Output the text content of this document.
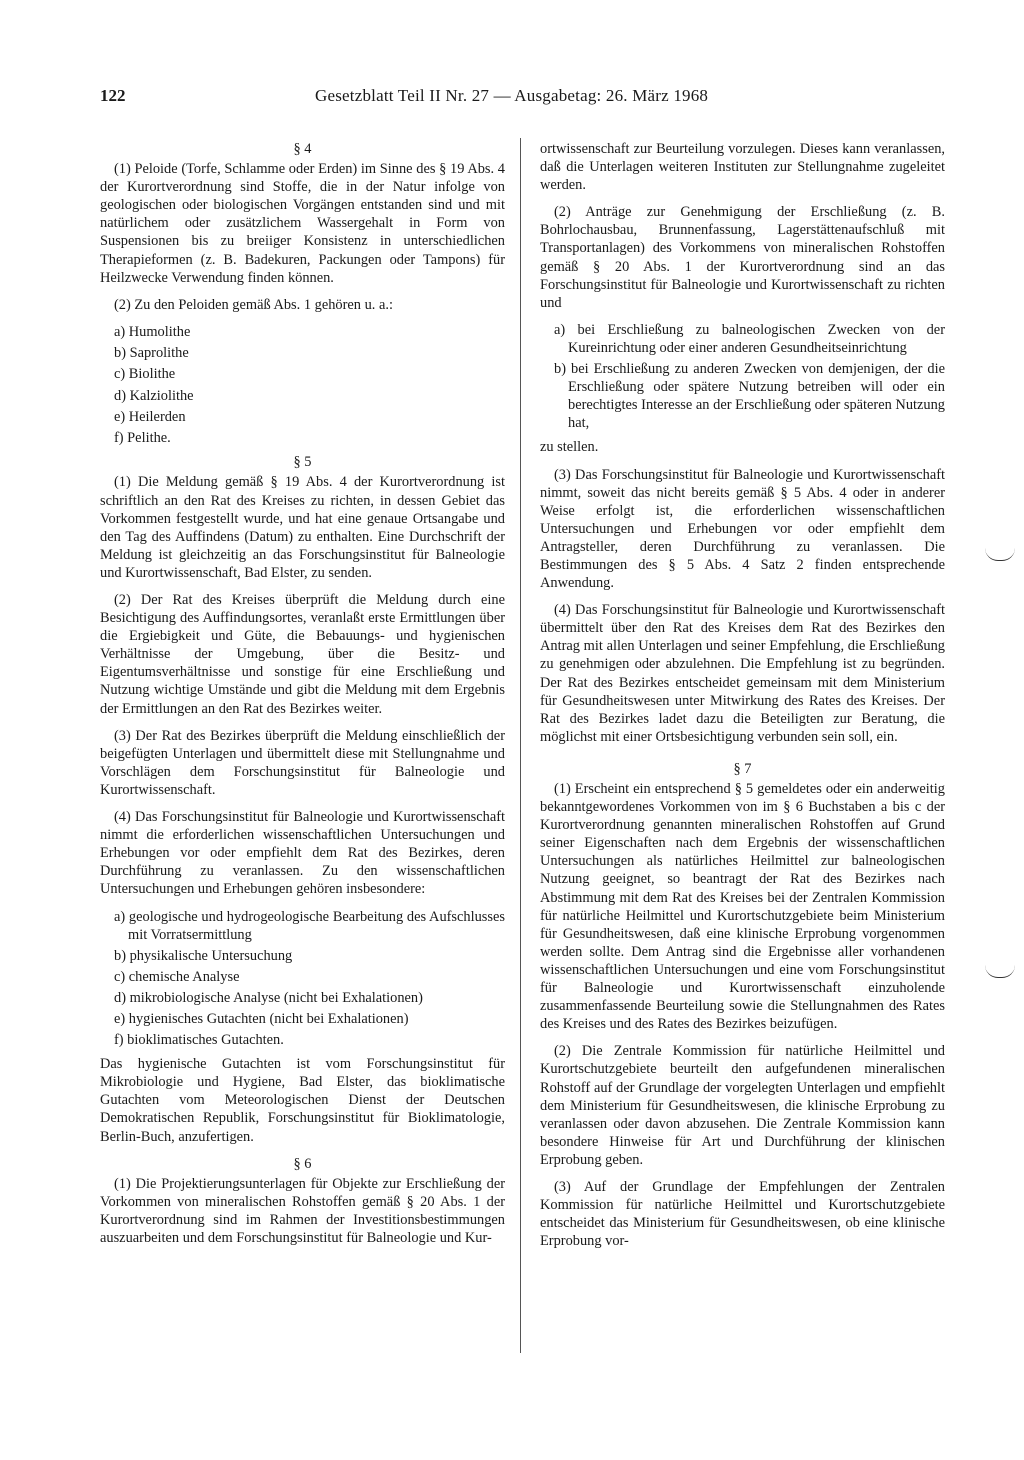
122	Gesetzblatt Teil II Nr. 27 — Ausgabetag: 26. März 1968
§ 4

(1) Peloide (Torfe, Schlamme oder Erden) im Sinne des § 19 Abs. 4 der Kurortverordnung sind Stoffe, die in der Natur infolge von geologischen oder biologischen Vorgängen entstanden sind und mit natürlichem oder zusätzlichem Wassergehalt in Form von Suspensionen bis zu breiiger Konsistenz in unterschiedlichen Therapieformen (z. B. Badekuren, Packungen oder Tampons) für Heilzwecke Verwendung finden können.

(2) Zu den Peloiden gemäß Abs. 1 gehören u. a.:

a) Humolithe
b) Saprolithe
c) Biolithe
d) Kalziolithe
e) Heilerden
f) Pelithe.
§ 5

(1) Die Meldung gemäß § 19 Abs. 4 der Kurortverordnung ist schriftlich an den Rat des Kreises zu richten, in dessen Gebiet das Vorkommen festgestellt wurde, und hat eine genaue Ortsangabe und den Tag des Auffindens (Datum) zu enthalten. Eine Durchschrift der Meldung ist gleichzeitig an das Forschungsinstitut für Balneologie und Kurortwissenschaft, Bad Elster, zu senden.

(2) Der Rat des Kreises überprüft die Meldung durch eine Besichtigung des Auffindungsortes, veranlaßt erste Ermittlungen über die Ergiebigkeit und Güte, die Bebauungs- und hygienischen Verhältnisse der Umgebung, über die Besitz- und Eigentumsverhältnisse und sonstige für eine Erschließung und Nutzung wichtige Umstände und gibt die Meldung mit dem Ergebnis der Ermittlungen an den Rat des Bezirkes weiter.

(3) Der Rat des Bezirkes überprüft die Meldung einschließlich der beigefügten Unterlagen und übermittelt diese mit Stellungnahme und Vorschlägen dem Forschungsinstitut für Balneologie und Kurortwissenschaft.

(4) Das Forschungsinstitut für Balneologie und Kurortwissenschaft nimmt die erforderlichen wissenschaftlichen Untersuchungen und Erhebungen vor oder empfiehlt dem Rat des Bezirkes, deren Durchführung zu veranlassen. Zu den wissenschaftlichen Untersuchungen und Erhebungen gehören insbesondere:

a) geologische und hydrogeologische Bearbeitung des Aufschlusses mit Vorratsermittlung
b) physikalische Untersuchung
c) chemische Analyse
d) mikrobiologische Analyse (nicht bei Exhalationen)
e) hygienisches Gutachten (nicht bei Exhalationen)
f) bioklimatisches Gutachten.

Das hygienische Gutachten ist vom Forschungsinstitut für Mikrobiologie und Hygiene, Bad Elster, das bioklimatische Gutachten vom Meteorologischen Dienst der Deutschen Demokratischen Republik, Forschungsinstitut für Bioklimatologie, Berlin-Buch, anzufertigen.

§ 6

(1) Die Projektierungsunterlagen für Objekte zur Erschließung der Vorkommen von mineralischen Rohstoffen gemäß § 20 Abs. 1 der Kurortverordnung sind im Rahmen der Investitionsbestimmungen auszuarbeiten und dem Forschungsinstitut für Balneologie und Kur-

ortwissenschaft zur Beurteilung vorzulegen. Dieses kann veranlassen, daß die Unterlagen weiteren Instituten zur Stellungnahme zugeleitet werden.

(2) Anträge zur Genehmigung der Erschließung (z. B. Bohrlochausbau, Brunnenfassung, Lagerstättenaufschluß mit Transportanlagen) des Vorkommens von mineralischen Rohstoffen gemäß § 20 Abs. 1 der Kurortverordnung sind an das Forschungsinstitut für Balneologie und Kurortwissenschaft zu richten und

a) bei Erschließung zu balneologischen Zwecken von der Kureinrichtung oder einer anderen Gesundheitseinrichtung
b) bei Erschließung zu anderen Zwecken von demjenigen, der die Erschließung oder spätere Nutzung betreiben will oder ein berechtigtes Interesse an der Erschließung oder späteren Nutzung hat,

zu stellen.

(3) Das Forschungsinstitut für Balneologie und Kurortwissenschaft nimmt, soweit das nicht bereits gemäß § 5 Abs. 4 oder in anderer Weise erfolgt ist, die erforderlichen wissenschaftlichen Untersuchungen und Erhebungen vor oder empfiehlt dem Antragsteller, deren Durchführung zu veranlassen. Die Bestimmungen des § 5 Abs. 4 Satz 2 finden entsprechende Anwendung.

(4) Das Forschungsinstitut für Balneologie und Kurortwissenschaft übermittelt über den Rat des Kreises dem Rat des Bezirkes den Antrag mit allen Unterlagen und seiner Empfehlung, die Erschließung zu genehmigen oder abzulehnen. Die Empfehlung ist zu begründen. Der Rat des Bezirkes entscheidet gemeinsam mit dem Ministerium für Gesundheitswesen unter Mitwirkung des Rates des Kreises. Der Rat des Bezirkes ladet dazu die Beteiligten zur Beratung, die möglichst mit einer Ortsbesichtigung verbunden sein soll, ein.

§ 7

(1) Erscheint ein entsprechend § 5 gemeldetes oder ein anderweitig bekanntgewordenes Vorkommen von im § 6 Buchstaben a bis c der Kurortverordnung genannten mineralischen Rohstoffen auf Grund seiner Eigenschaften nach dem Ergebnis der wissenschaftlichen Untersuchungen als natürliches Heilmittel zur balneologischen Nutzung geeignet, so beantragt der Rat des Bezirkes nach Abstimmung mit dem Rat des Kreises bei der Zentralen Kommission für natürliche Heilmittel und Kurortschutzgebiete beim Ministerium für Gesundheitswesen, daß eine klinische Erprobung vorgenommen werden sollte. Dem Antrag sind die Ergebnisse aller vorhandenen wissenschaftlichen Untersuchungen und eine vom Forschungsinstitut für Balneologie und Kurortwissenschaft einzuholende zusammenfassende Beurteilung sowie die Stellungnahmen des Rates des Kreises und des Rates des Bezirkes beizufügen.

(2) Die Zentrale Kommission für natürliche Heilmittel und Kurortschutzgebiete beurteilt den aufgefundenen mineralischen Rohstoff auf der Grundlage der vorgelegten Unterlagen und empfiehlt dem Ministerium für Gesundheitswesen, die klinische Erprobung zu veranlassen oder davon abzusehen. Die Zentrale Kommission kann besondere Hinweise für Art und Durchführung der klinischen Erprobung geben.

(3) Auf der Grundlage der Empfehlungen der Zentralen Kommission für natürliche Heilmittel und Kurortschutzgebiete entscheidet das Ministerium für Gesundheitswesen, ob eine klinische Erprobung vor-
